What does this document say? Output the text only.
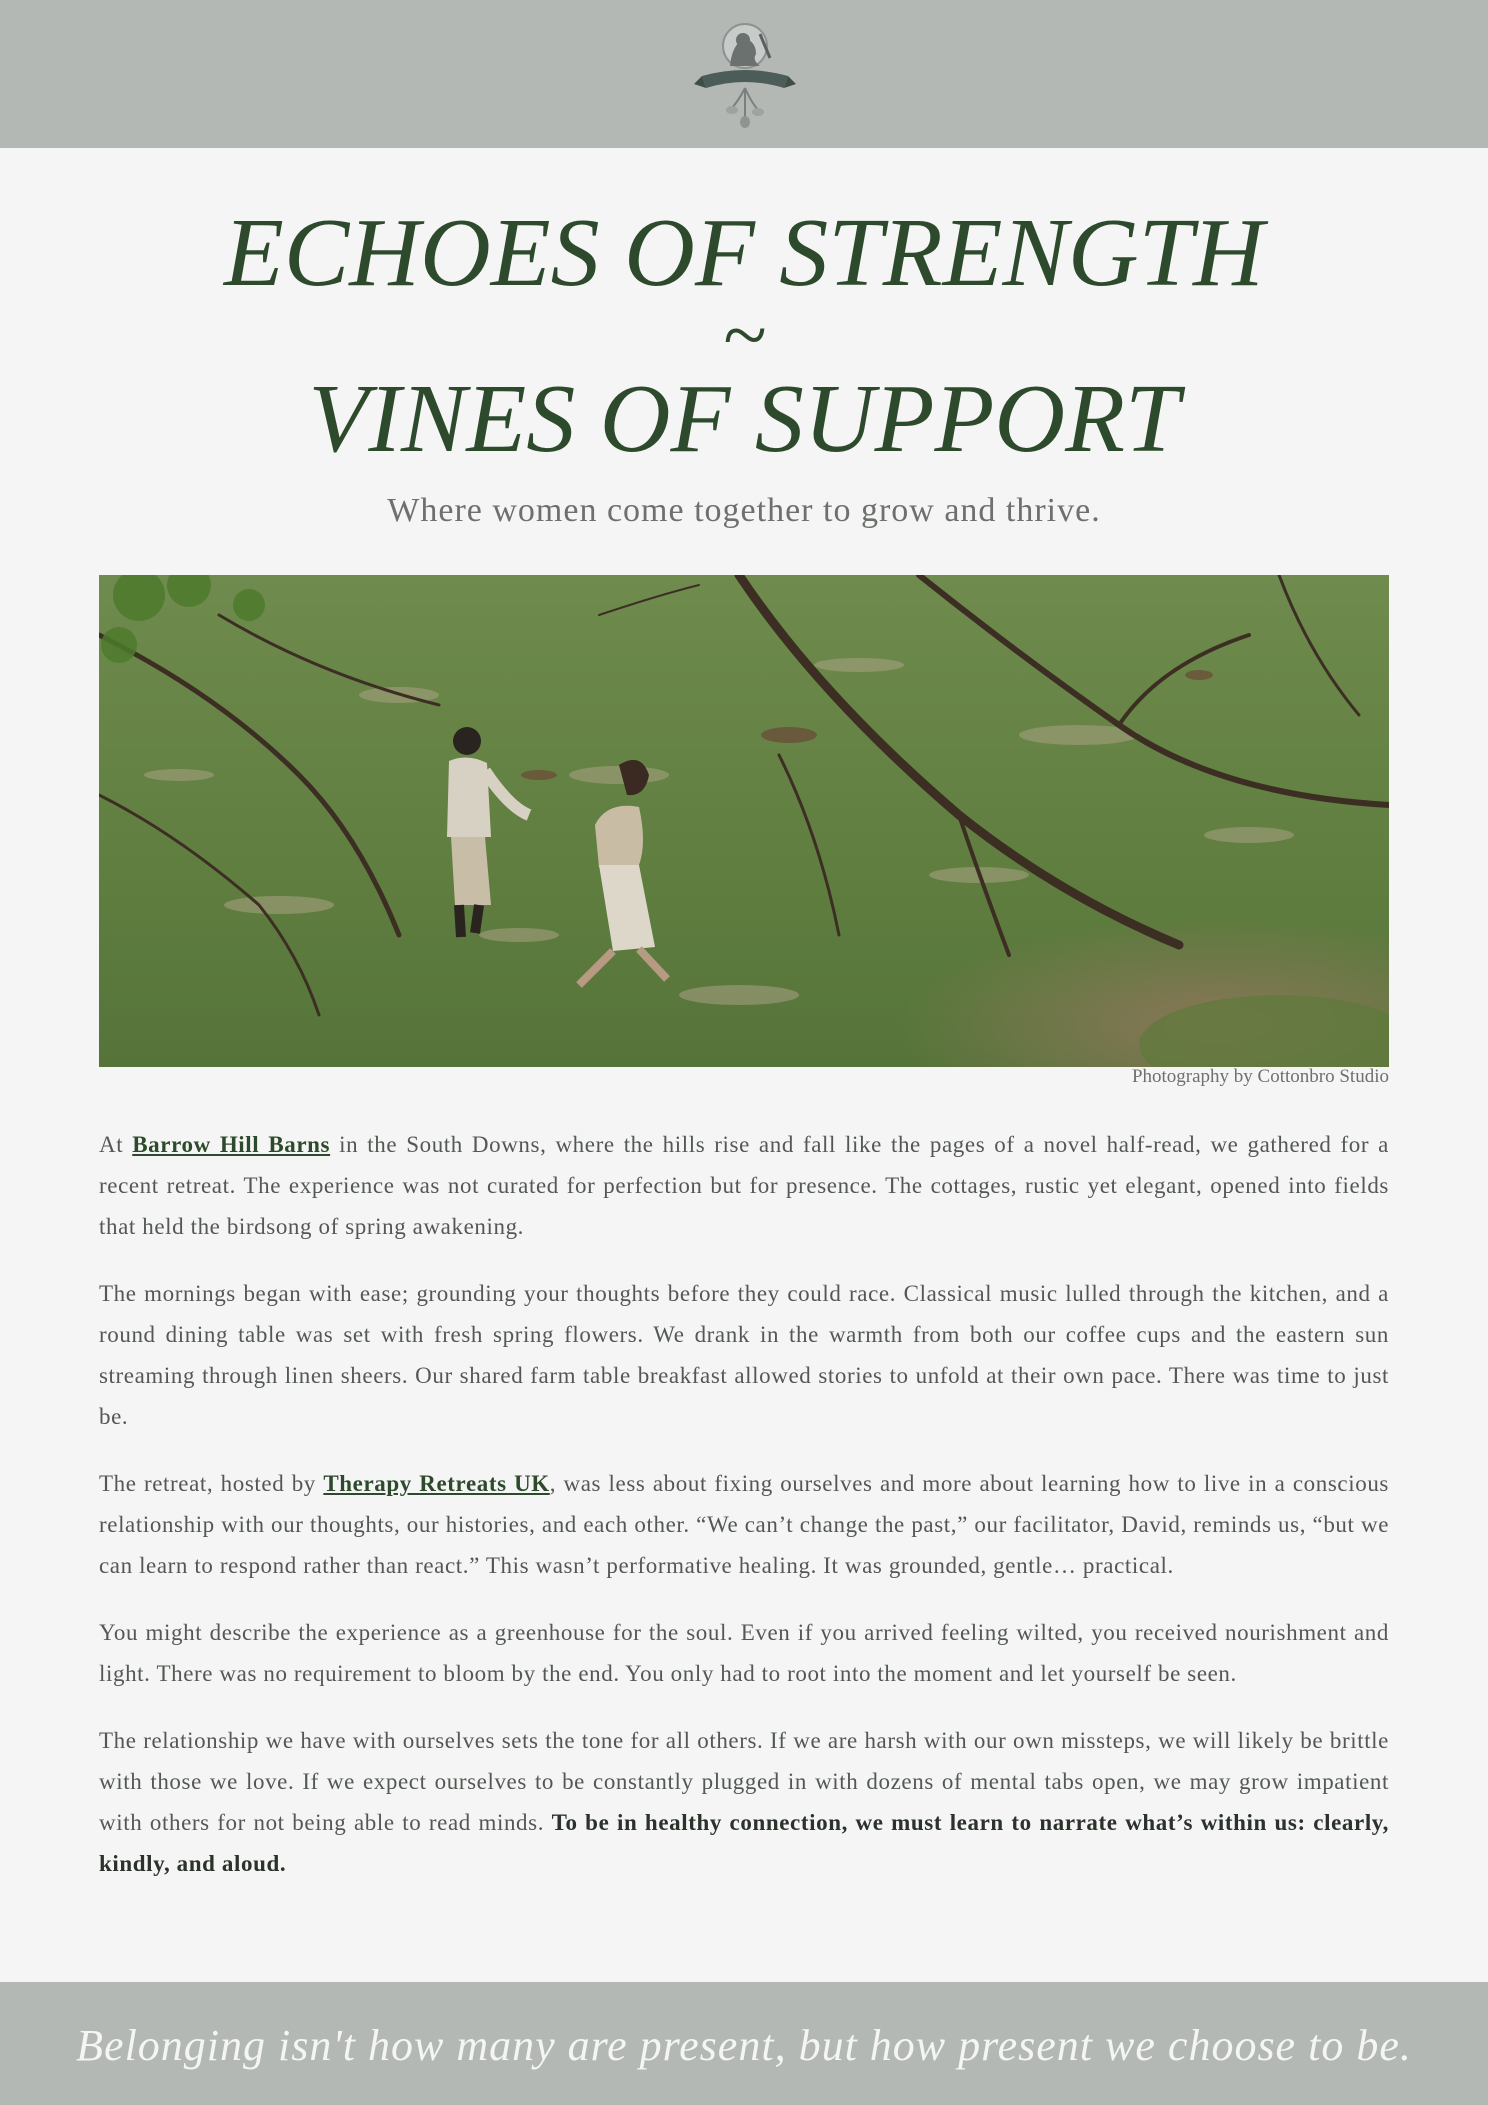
ECHOES OF STRENGTH
~
VINES OF SUPPORT
Where women come together to grow and thrive.
Photography by Cottonbro Studio

At Barrow Hill Barns in the South Downs, where the hills rise and fall like the pages of a novel half-read, we gathered for a recent retreat. The experience was not curated for perfection but for presence. The cottages, rustic yet elegant, opened into fields that held the birdsong of spring awakening.

The mornings began with ease; grounding your thoughts before they could race. Classical music lulled through the kitchen, and a round dining table was set with fresh spring flowers. We drank in the warmth from both our coffee cups and the eastern sun streaming through linen sheers. Our shared farm table breakfast allowed stories to unfold at their own pace. There was time to just be.

The retreat, hosted by Therapy Retreats UK, was less about fixing ourselves and more about learning how to live in a conscious relationship with our thoughts, our histories, and each other. “We can’t change the past,” our facilitator, David, reminds us, “but we can learn to respond rather than react.” This wasn’t performative healing. It was grounded, gentle… practical.

You might describe the experience as a greenhouse for the soul. Even if you arrived feeling wilted, you received nourishment and light. There was no requirement to bloom by the end. You only had to root into the moment and let yourself be seen.

The relationship we have with ourselves sets the tone for all others. If we are harsh with our own missteps, we will likely be brittle with those we love. If we expect ourselves to be constantly plugged in with dozens of mental tabs open, we may grow impatient with others for not being able to read minds. To be in healthy connection, we must learn to narrate what’s within us: clearly, kindly, and aloud.

Belonging isn't how many are present, but how present we choose to be.
